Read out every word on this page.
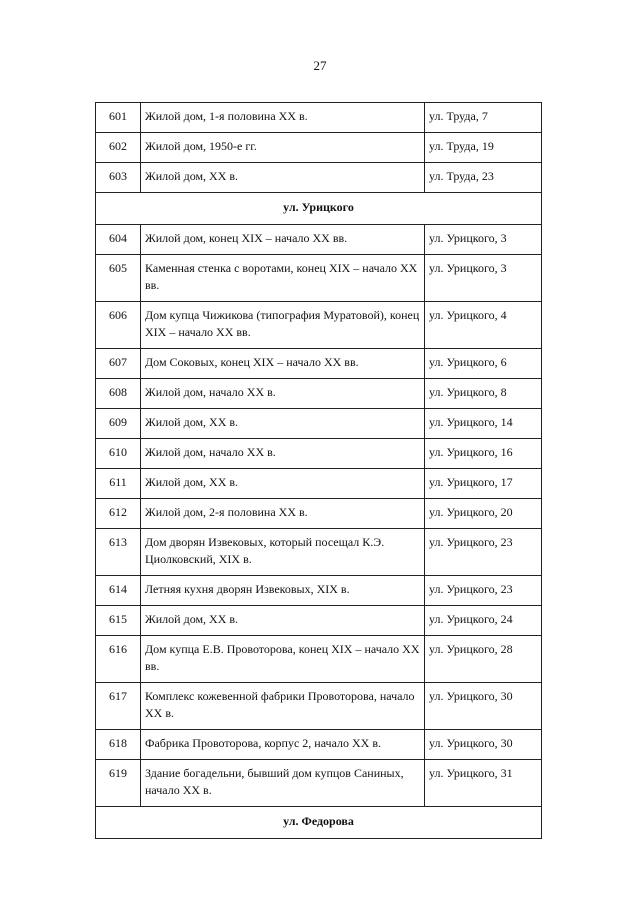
27
601	Жилой дом, 1-я половина XX в.	ул. Труда, 7
602	Жилой дом, 1950-е гг.	ул. Труда, 19
603	Жилой дом, XX в.	ул. Труда, 23
ул. Урицкого		
604	Жилой дом, конец XIX – начало XX вв.	ул. Урицкого, 3
605	Каменная стенка с воротами, конец XIX – начало XX вв.	ул. Урицкого, 3
606	Дом купца Чижикова (типография Муратовой), конец XIX – начало XX вв.	ул. Урицкого, 4
607	Дом Соковых, конец XIX – начало XX вв.	ул. Урицкого, 6
608	Жилой дом, начало XX в.	ул. Урицкого, 8
609	Жилой дом, XX в.	ул. Урицкого, 14
610	Жилой дом, начало XX в.	ул. Урицкого, 16
611	Жилой дом, XX в.	ул. Урицкого, 17
612	Жилой дом, 2-я половина XX в.	ул. Урицкого, 20
613	Дом дворян Извековых, который посещал К.Э. Циолковский, XIX в.	ул. Урицкого, 23
614	Летняя кухня дворян Извековых, XIX в.	ул. Урицкого, 23
615	Жилой дом, XX в.	ул. Урицкого, 24
616	Дом купца Е.В. Провоторова, конец XIX – начало XX вв.	ул. Урицкого, 28
617	Комплекс кожевенной фабрики Провоторова, начало XX в.	ул. Урицкого, 30
618	Фабрика Провоторова, корпус 2, начало XX в.	ул. Урицкого, 30
619	Здание богадельни, бывший дом купцов Саниных, начало XX в.	ул. Урицкого, 31
ул. Федорова		
